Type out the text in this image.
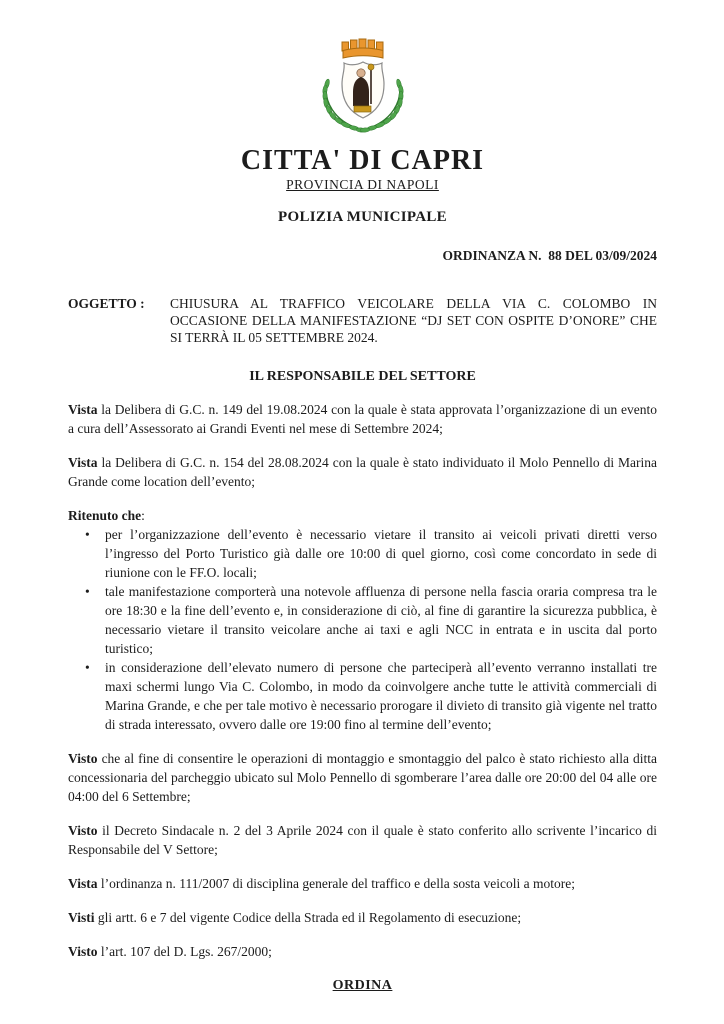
CITTA' DI CAPRI
PROVINCIA DI NAPOLI
POLIZIA MUNICIPALE
ORDINANZA N.  88 DEL 03/09/2024
OGGETTO :	CHIUSURA AL TRAFFICO VEICOLARE DELLA VIA C. COLOMBO IN OCCASIONE DELLA MANIFESTAZIONE “DJ SET CON OSPITE D’ONORE” CHE SI TERRÀ IL 05 SETTEMBRE 2024.
IL RESPONSABILE DEL SETTORE

Vista la Delibera di G.C. n. 149 del 19.08.2024 con la quale è stata approvata l’organizzazione di un evento a cura dell’Assessorato ai Grandi Eventi nel mese di Settembre 2024;

Vista la Delibera di G.C. n. 154 del 28.08.2024 con la quale è stato individuato il Molo Pennello di Marina Grande come location dell’evento;

Ritenuto che:

• per l’organizzazione dell’evento è necessario vietare il transito ai veicoli privati diretti verso l’ingresso del Porto Turistico già dalle ore 10:00 di quel giorno, così come concordato in sede di riunione con le FF.O. locali;
• tale manifestazione comporterà una notevole affluenza di persone nella fascia oraria compresa tra le ore 18:30 e la fine dell’evento e, in considerazione di ciò, al fine di garantire la sicurezza pubblica, è necessario vietare il transito veicolare anche ai taxi e agli NCC in entrata e in uscita dal porto turistico;
• in considerazione dell’elevato numero di persone che parteciperà all’evento verranno installati tre maxi schermi lungo Via C. Colombo, in modo da coinvolgere anche tutte le attività commerciali di Marina Grande, e che per tale motivo è necessario prorogare il divieto di transito già vigente nel tratto di strada interessato, ovvero dalle ore 19:00 fino al termine dell’evento;

Visto che al fine di consentire le operazioni di montaggio e smontaggio del palco è stato richiesto alla ditta concessionaria del parcheggio ubicato sul Molo Pennello di sgomberare l’area dalle ore 20:00 del 04 alle ore 04:00 del 6 Settembre;

Visto il Decreto Sindacale n. 2 del 3 Aprile 2024 con il quale è stato conferito allo scrivente l’incarico di Responsabile del V Settore;

Vista l’ordinanza n. 111/2007 di disciplina generale del traffico e della sosta veicoli a motore;

Visti gli artt. 6 e 7 del vigente Codice della Strada ed il Regolamento di esecuzione;

Visto l’art. 107 del D. Lgs. 267/2000;

ORDINA
